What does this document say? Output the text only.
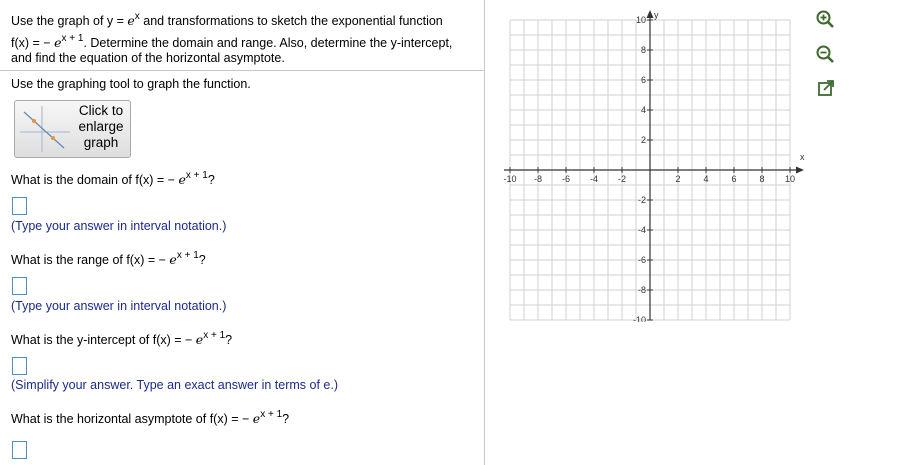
Use the graph of $y = e^x$ and transformations to sketch the exponential function
f(x) = − $e^{x + 1}$. Determine the domain and range. Also, determine the y-intercept,
and find the equation of the horizontal asymptote.
Use the graphing tool to graph the function.
Click to enlarge graph
What is the domain of f(x) = − $e^{x + 1}$?
(Type your answer in interval notation.)
What is the range of f(x) = − $e^{x + 1}$?
(Type your answer in interval notation.)
What is the y-intercept of f(x) = − $e^{x + 1}$?
(Simplify your answer. Type an exact answer in terms of e.)
What is the horizontal asymptote of f(x) = − $e^{x + 1}$?
x
y
-10
-10
-8
-8
-6
-6
-4
-4
-2
-2
2
2
4
4
6
6
8
8
10
10
